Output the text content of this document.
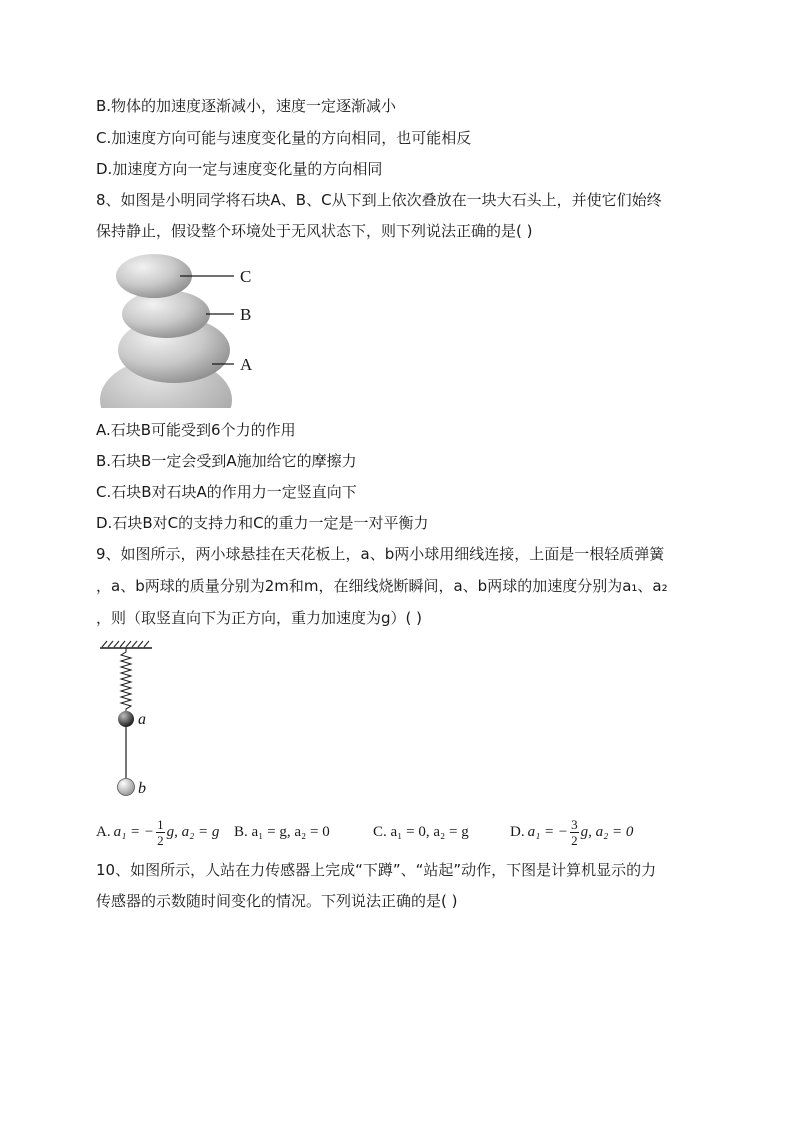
B.物体的加速度逐渐减小，速度一定逐渐减小
C.加速度方向可能与速度变化量的方向相同，也可能相反
D.加速度方向一定与速度变化量的方向相同
8、如图是小明同学将石块A、B、C从下到上依次叠放在一块大石头上，并使它们始终
保持静止，假设整个环境处于无风状态下，则下列说法正确的是( )
C
B
A
A.石块B可能受到6个力的作用
B.石块B一定会受到A施加给它的摩擦力
C.石块B对石块A的作用力一定竖直向下
D.石块B对C的支持力和C的重力一定是一对平衡力
9、如图所示，两小球悬挂在天花板上，a、b两小球用细线连接，上面是一根轻质弹簧
，a、b两球的质量分别为2m和m，在细线烧断瞬间，a、b两球的加速度分别为a₁、a₂
，则（取竖直向下为正方向，重力加速度为g）( )
a
b
A. a₁ = − $\frac{1}{2} g$, a₂ = g B. a₁ = g, a₂ = 0	C. a₁ = 0, a₂ = g	D. a₁ = − $\frac{3}{2} g$, a₂ = 0
10、如图所示，人站在力传感器上完成“下蹲”、“站起”动作，下图是计算机显示的力
传感器的示数随时间变化的情况。下列说法正确的是( )
